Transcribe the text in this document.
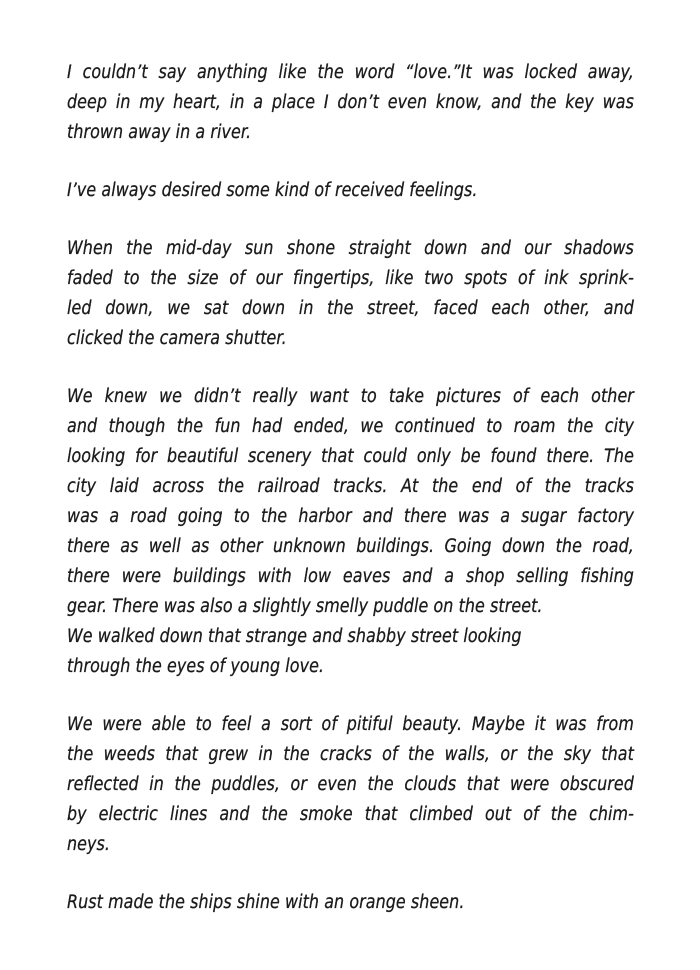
I couldn’t say anything like the word “love.”It was locked away,
deep in my heart, in a place I don’t even know, and the key was
thrown away in a river.

I’ve always desired some kind of received feelings.

When the mid-day sun shone straight down and our shadows
faded to the size of our fingertips, like two spots of ink sprink-
led down, we sat down in the street, faced each other, and
clicked the camera shutter.

We knew we didn’t really want to take pictures of each other
and though the fun had ended, we continued to roam the city
looking for beautiful scenery that could only be found there. The
city laid across the railroad tracks. At the end of the tracks
was a road going to the harbor and there was a sugar factory
there as well as other unknown buildings. Going down the road,
there were buildings with low eaves and a shop selling fishing
gear. There was also a slightly smelly puddle on the street.
We walked down that strange and shabby street looking
through the eyes of young love.

We were able to feel a sort of pitiful beauty. Maybe it was from
the weeds that grew in the cracks of the walls, or the sky that
reflected in the puddles, or even the clouds that were obscured
by electric lines and the smoke that climbed out of the chim-
neys.

Rust made the ships shine with an orange sheen.
